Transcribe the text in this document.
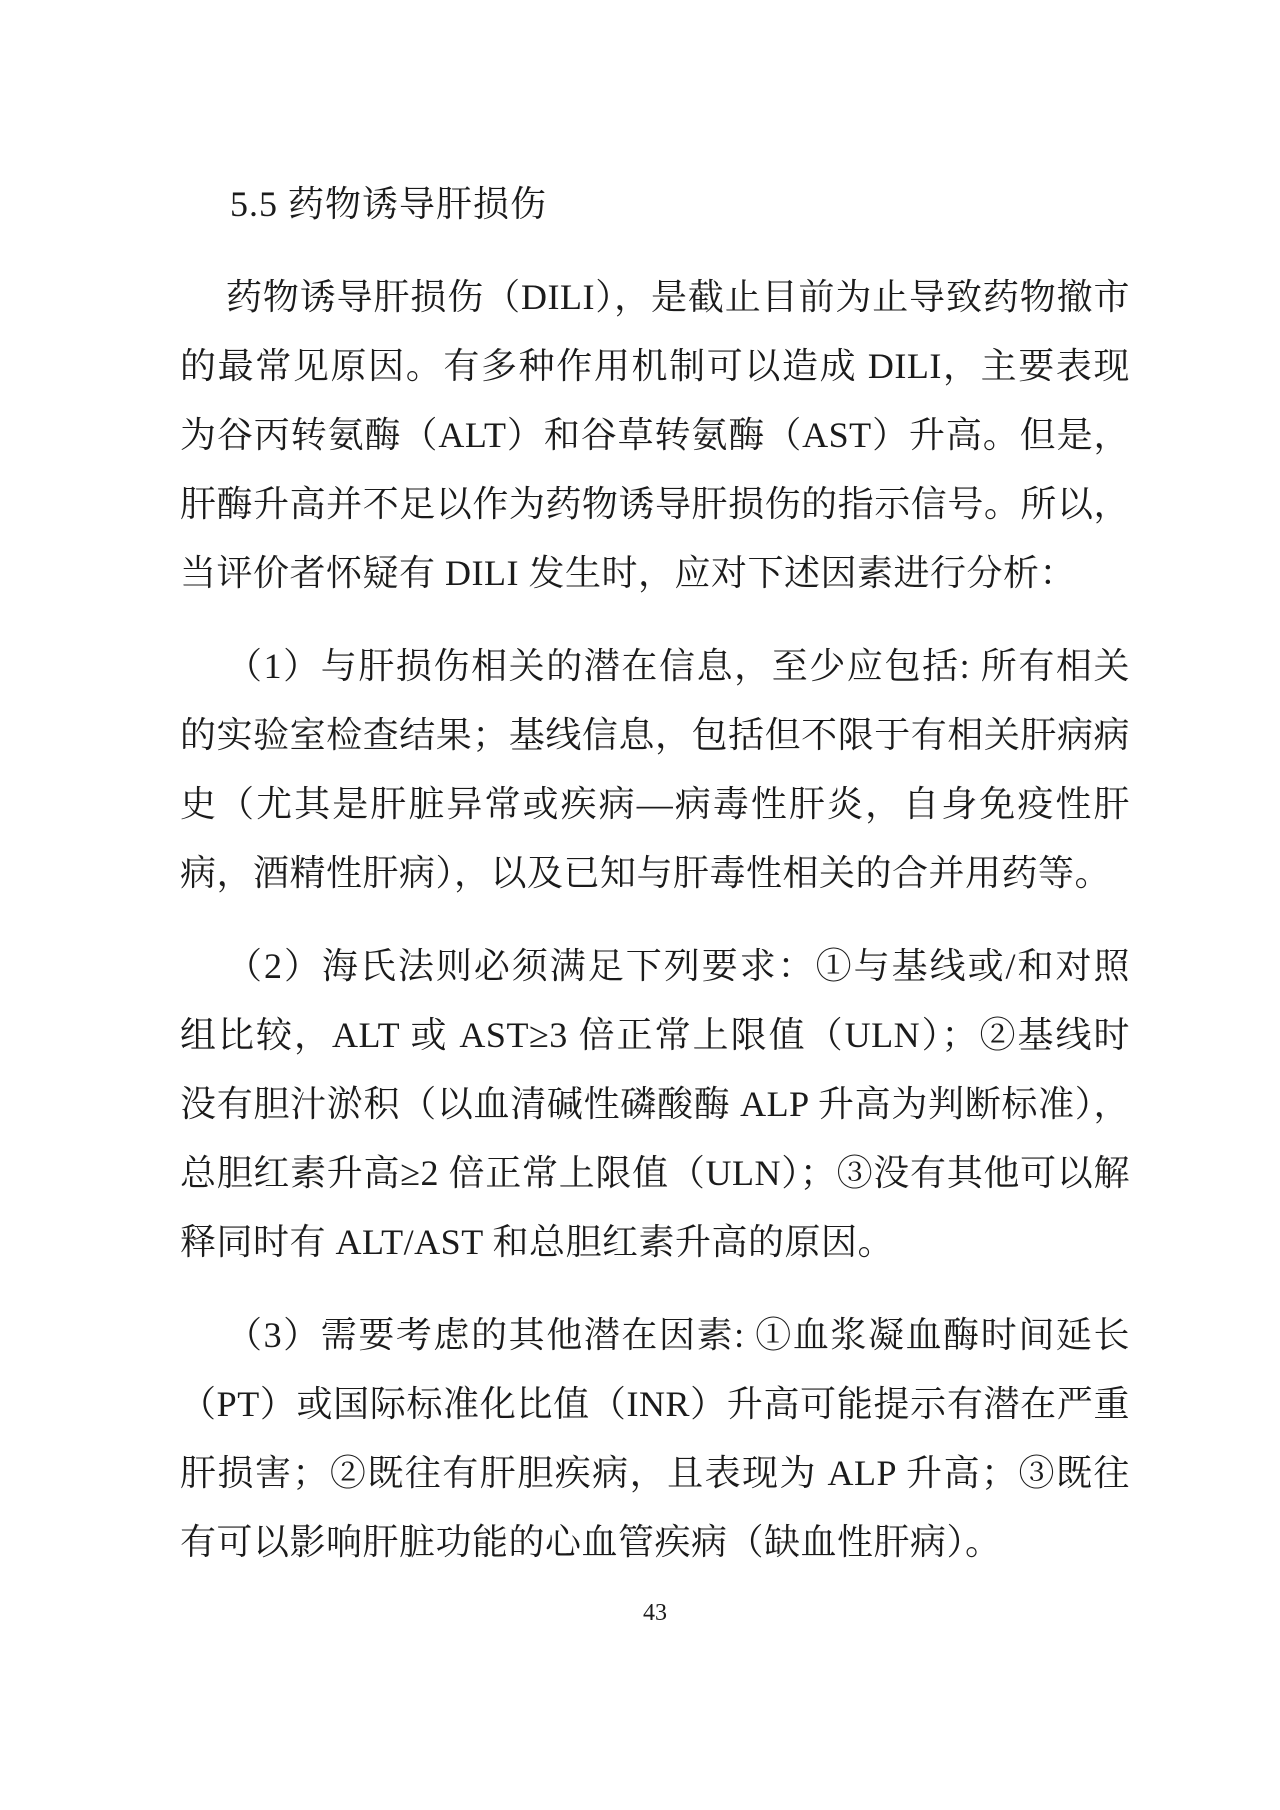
5.5 药物诱导肝损伤

药物诱导肝损伤（DILI），是截止目前为止导致药物撤市的最常见原因。有多种作用机制可以造成 DILI，主要表现为谷丙转氨酶（ALT）和谷草转氨酶（AST）升高。但是，肝酶升高并不足以作为药物诱导肝损伤的指示信号。所以，当评价者怀疑有 DILI 发生时，应对下述因素进行分析：

（1）与肝损伤相关的潜在信息，至少应包括: 所有相关的实验室检查结果；基线信息，包括但不限于有相关肝病病史（尤其是肝脏异常或疾病—病毒性肝炎，自身免疫性肝病，酒精性肝病），以及已知与肝毒性相关的合并用药等。

（2）海氏法则必须满足下列要求：①与基线或/和对照组比较，ALT 或 AST≥3 倍正常上限值（ULN）；②基线时没有胆汁淤积（以血清碱性磷酸酶 ALP 升高为判断标准），总胆红素升高≥2 倍正常上限值（ULN）；③没有其他可以解释同时有 ALT/AST 和总胆红素升高的原因。

（3）需要考虑的其他潜在因素: ①血浆凝血酶时间延长（PT）或国际标准化比值（INR）升高可能提示有潜在严重肝损害；②既往有肝胆疾病，且表现为 ALP 升高；③既往有可以影响肝脏功能的心血管疾病（缺血性肝病）。

43
